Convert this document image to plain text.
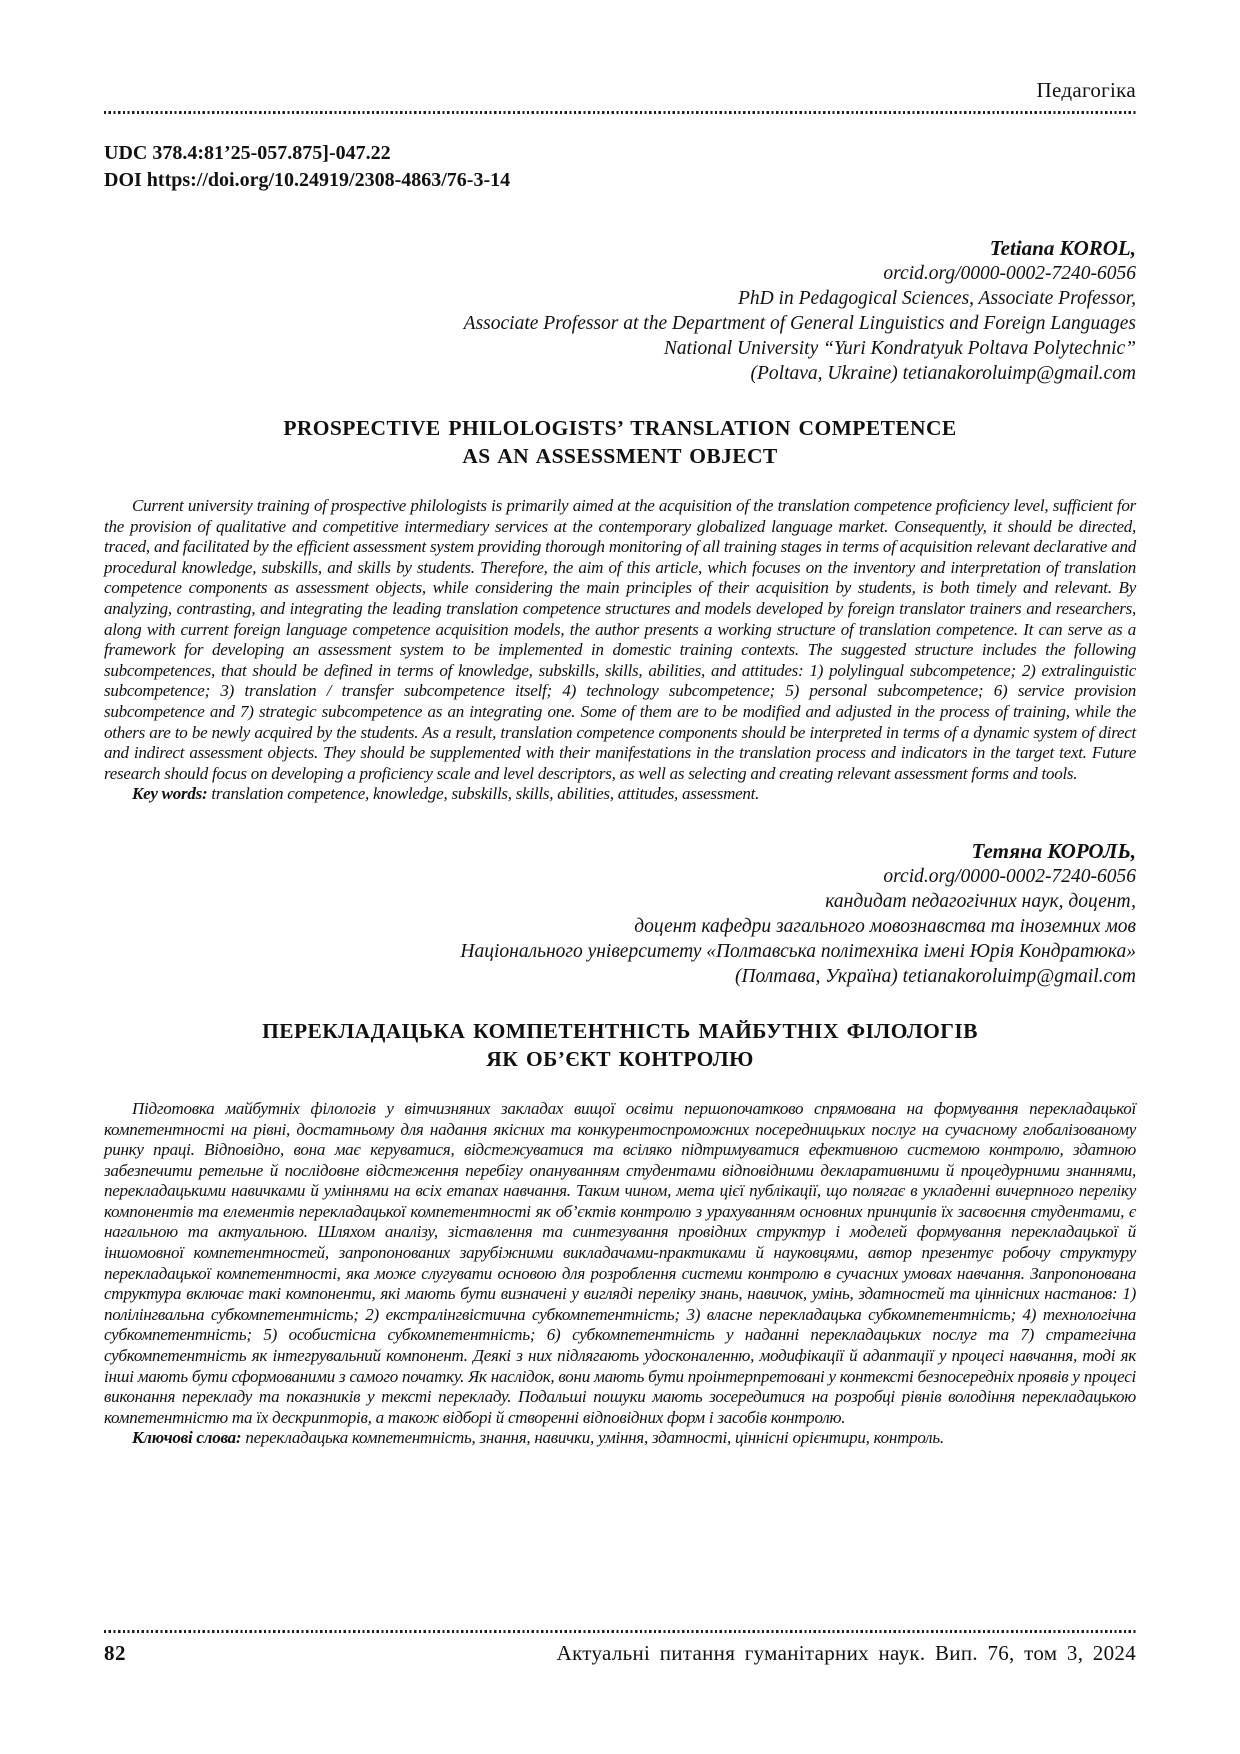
Педагогіка
UDC 378.4:81’25-057.875]-047.22
DOI https://doi.org/10.24919/2308-4863/76-3-14
Tetiana KOROL,
orcid.org/0000-0002-7240-6056
PhD in Pedagogical Sciences, Associate Professor,
Associate Professor at the Department of General Linguistics and Foreign Languages
National University “Yuri Kondratyuk Poltava Polytechnic”
(Poltava, Ukraine) tetianakoroluimp@gmail.com
PROSPECTIVE PHILOLOGISTS’ TRANSLATION COMPETENCE
AS AN ASSESSMENT OBJECT

Current university training of prospective philologists is primarily aimed at the acquisition of the translation competence proficiency level, sufficient for the provision of qualitative and competitive intermediary services at the contemporary globalized language market. Consequently, it should be directed, traced, and facilitated by the efficient assessment system providing thorough monitoring of all training stages in terms of acquisition relevant declarative and procedural knowledge, subskills, and skills by students. Therefore, the aim of this article, which focuses on the inventory and interpretation of translation competence components as assessment objects, while considering the main principles of their acquisition by students, is both timely and relevant. By analyzing, contrasting, and integrating the leading translation competence structures and models developed by foreign translator trainers and researchers, along with current foreign language competence acquisition models, the author presents a working structure of translation competence. It can serve as a framework for developing an assessment system to be implemented in domestic training contexts. The suggested structure includes the following subcompetences, that should be defined in terms of knowledge, subskills, skills, abilities, and attitudes: 1) polylingual subcompetence; 2) extralinguistic subcompetence; 3) translation / transfer subcompetence itself; 4) technology subcompetence; 5) personal subcompetence; 6) service provision subcompetence and 7) strategic subcompetence as an integrating one. Some of them are to be modified and adjusted in the process of training, while the others are to be newly acquired by the students. As a result, translation competence components should be interpreted in terms of a dynamic system of direct and indirect assessment objects. They should be supplemented with their manifestations in the translation process and indicators in the target text. Future research should focus on developing a proficiency scale and level descriptors, as well as selecting and creating relevant assessment forms and tools.

Key words: translation competence, knowledge, subskills, skills, abilities, attitudes, assessment.

Тетяна КОРОЛЬ,
orcid.org/0000-0002-7240-6056
кандидат педагогічних наук, доцент,
доцент кафедри загального мовознавства та іноземних мов
Національного університету «Полтавська політехніка імені Юрія Кондратюка»
(Полтава, Україна) tetianakoroluimp@gmail.com
ПЕРЕКЛАДАЦЬКА КОМПЕТЕНТНІСТЬ МАЙБУТНІХ ФІЛОЛОГІВ
ЯК ОБ’ЄКТ КОНТРОЛЮ

Підготовка майбутніх філологів у вітчизняних закладах вищої освіти першопочатково спрямована на формування перекладацької компетентності на рівні, достатньому для надання якісних та конкурентоспроможних посередницьких послуг на сучасному глобалізованому ринку праці. Відповідно, вона має керуватися, відстежуватися та всіляко підтримуватися ефективною системою контролю, здатною забезпечити ретельне й послідовне відстеження перебігу опануванням студентами відповідними декларативними й процедурними знаннями, перекладацькими навичками й уміннями на всіх етапах навчання. Таким чином, мета цієї публікації, що полягає в укладенні вичерпного переліку компонентів та елементів перекладацької компетентності як об’єктів контролю з урахуванням основних принципів їх засвоєння студентами, є нагальною та актуальною. Шляхом аналізу, зіставлення та синтезування провідних структур і моделей формування перекладацької й іншомовної компетентностей, запропонованих зарубіжними викладачами-практиками й науковцями, автор презентує робочу структуру перекладацької компетентності, яка може слугувати основою для розроблення системи контролю в сучасних умовах навчання. Запропонована структура включає такі компоненти, які мають бути визначені у вигляді переліку знань, навичок, умінь, здатностей та ціннісних настанов: 1) полілінгвальна субкомпетентність; 2) екстралінгвістична субкомпетентність; 3) власне перекладацька субкомпетентність; 4) технологічна субкомпетентність; 5) особистісна субкомпетентність; 6) субкомпетентність у наданні перекладацьких послуг та 7) стратегічна субкомпетентність як інтегрувальний компонент. Деякі з них підлягають удосконаленню, модифікації й адаптації у процесі навчання, тоді як інші мають бути сформованими з самого початку. Як наслідок, вони мають бути проінтерпретовані у контексті безпосередніх проявів у процесі виконання перекладу та показників у тексті перекладу. Подальші пошуки мають зосередитися на розробці рівнів володіння перекладацькою компетентністю та їх дескрипторів, а також відборі й створенні відповідних форм і засобів контролю.

Ключові слова: перекладацька компетентність, знання, навички, уміння, здатності, ціннісні орієнтири, контроль.

82	Актуальні питання гуманітарних наук. Вип. 76, том 3, 2024
